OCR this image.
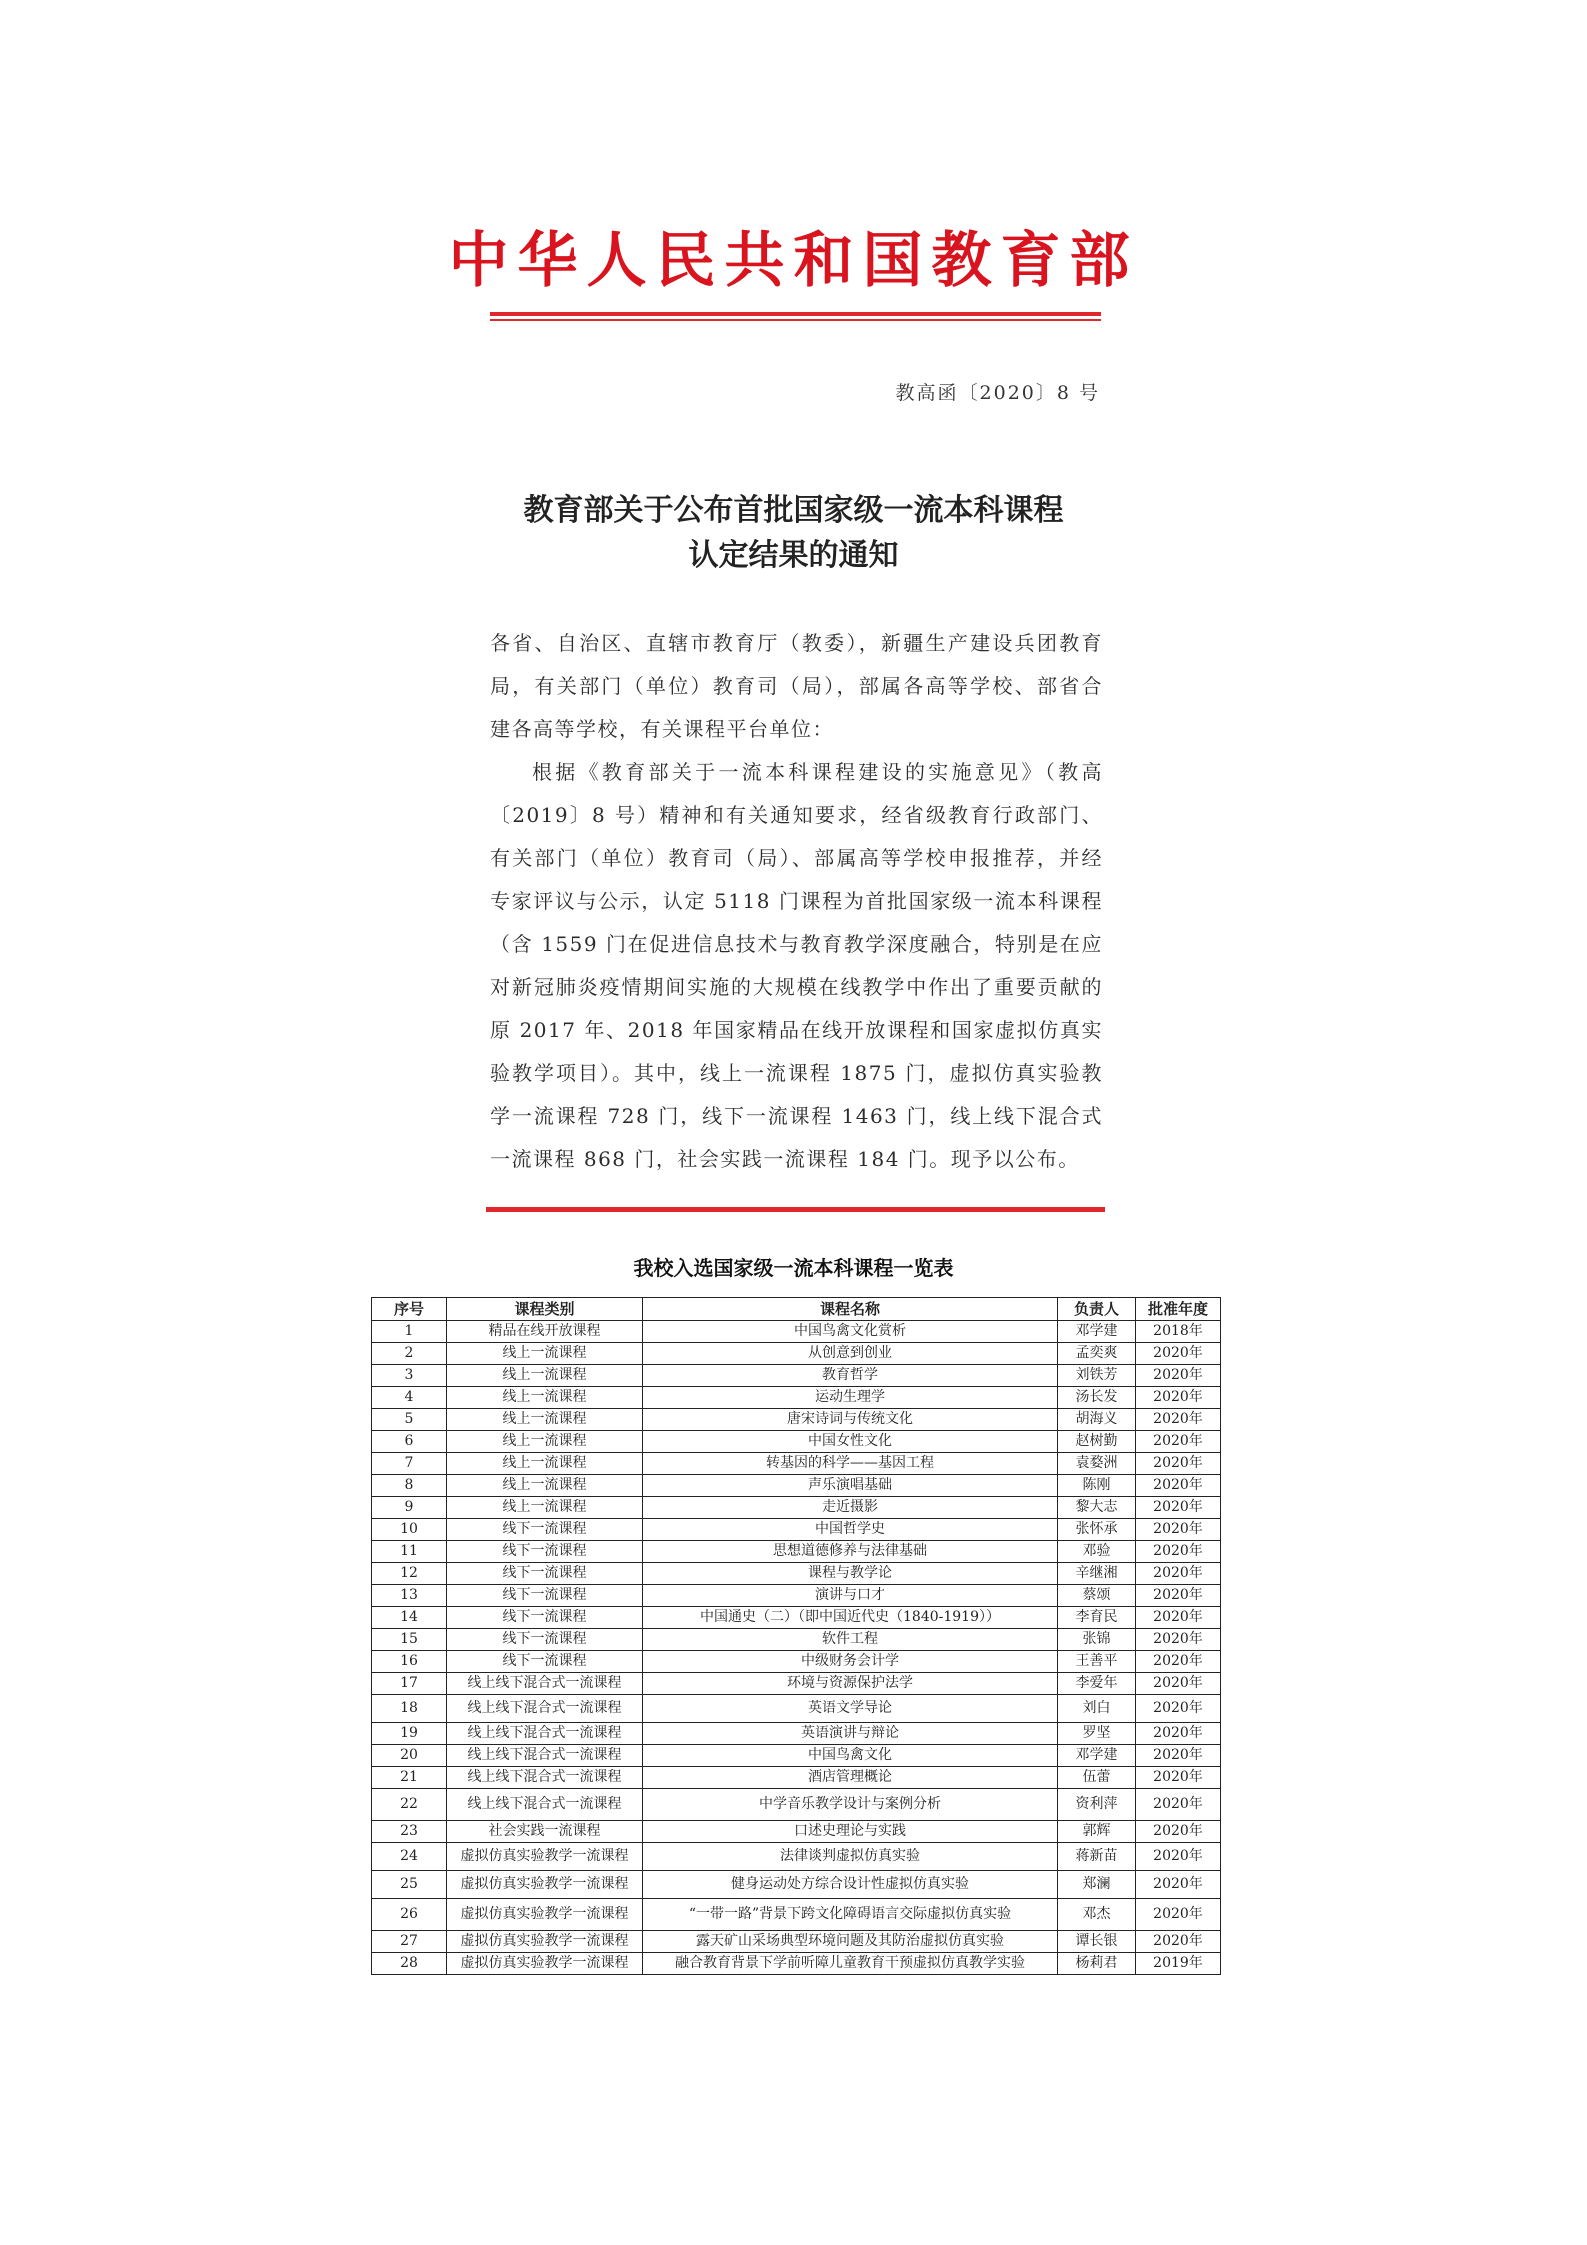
中华人民共和国教育部
教高函〔2020〕8 号
教育部关于公布首批国家级一流本科课程
认定结果的通知
各省、自治区、直辖市教育厅（教委），新疆生产建设兵团教育局，有关部门（单位）教育司（局），部属各高等学校、部省合建各高等学校，有关课程平台单位：
根据《教育部关于一流本科课程建设的实施意见》（教高〔2019〕8 号）精神和有关通知要求，经省级教育行政部门、有关部门（单位）教育司（局）、部属高等学校申报推荐，并经专家评议与公示，认定 5118 门课程为首批国家级一流本科课程（含 1559 门在促进信息技术与教育教学深度融合，特别是在应对新冠肺炎疫情期间实施的大规模在线教学中作出了重要贡献的原 2017 年、2018 年国家精品在线开放课程和国家虚拟仿真实验教学项目）。其中，线上一流课程 1875 门，虚拟仿真实验教学一流课程 728 门，线下一流课程 1463 门，线上线下混合式一流课程 868 门，社会实践一流课程 184 门。现予以公布。
我校入选国家级一流本科课程一览表
序号	课程类别	课程名称	负责人	批准年度
1	精品在线开放课程	中国鸟禽文化赏析	邓学建	2018年
2	线上一流课程	从创意到创业	孟奕爽	2020年
3	线上一流课程	教育哲学	刘铁芳	2020年
4	线上一流课程	运动生理学	汤长发	2020年
5	线上一流课程	唐宋诗词与传统文化	胡海义	2020年
6	线上一流课程	中国女性文化	赵树勤	2020年
7	线上一流课程	转基因的科学——基因工程	袁婺洲	2020年
8	线上一流课程	声乐演唱基础	陈刚	2020年
9	线上一流课程	走近摄影	黎大志	2020年
10	线下一流课程	中国哲学史	张怀承	2020年
11	线下一流课程	思想道德修养与法律基础	邓验	2020年
12	线下一流课程	课程与教学论	辛继湘	2020年
13	线下一流课程	演讲与口才	蔡颂	2020年
14	线下一流课程	中国通史（二）（即中国近代史（1840-1919））	李育民	2020年
15	线下一流课程	软件工程	张锦	2020年
16	线下一流课程	中级财务会计学	王善平	2020年
17	线上线下混合式一流课程	环境与资源保护法学	李爱年	2020年
18	线上线下混合式一流课程	英语文学导论	刘白	2020年
19	线上线下混合式一流课程	英语演讲与辩论	罗坚	2020年
20	线上线下混合式一流课程	中国鸟禽文化	邓学建	2020年
21	线上线下混合式一流课程	酒店管理概论	伍蕾	2020年
22	线上线下混合式一流课程	中学音乐教学设计与案例分析	资利萍	2020年
23	社会实践一流课程	口述史理论与实践	郭辉	2020年
24	虚拟仿真实验教学一流课程	法律谈判虚拟仿真实验	蒋新苗	2020年
25	虚拟仿真实验教学一流课程	健身运动处方综合设计性虚拟仿真实验	郑澜	2020年
26	虚拟仿真实验教学一流课程	“一带一路”背景下跨文化障碍语言交际虚拟仿真实验	邓杰	2020年
27	虚拟仿真实验教学一流课程	露天矿山采场典型环境问题及其防治虚拟仿真实验	谭长银	2020年
28	虚拟仿真实验教学一流课程	融合教育背景下学前听障儿童教育干预虚拟仿真教学实验	杨莉君	2019年
